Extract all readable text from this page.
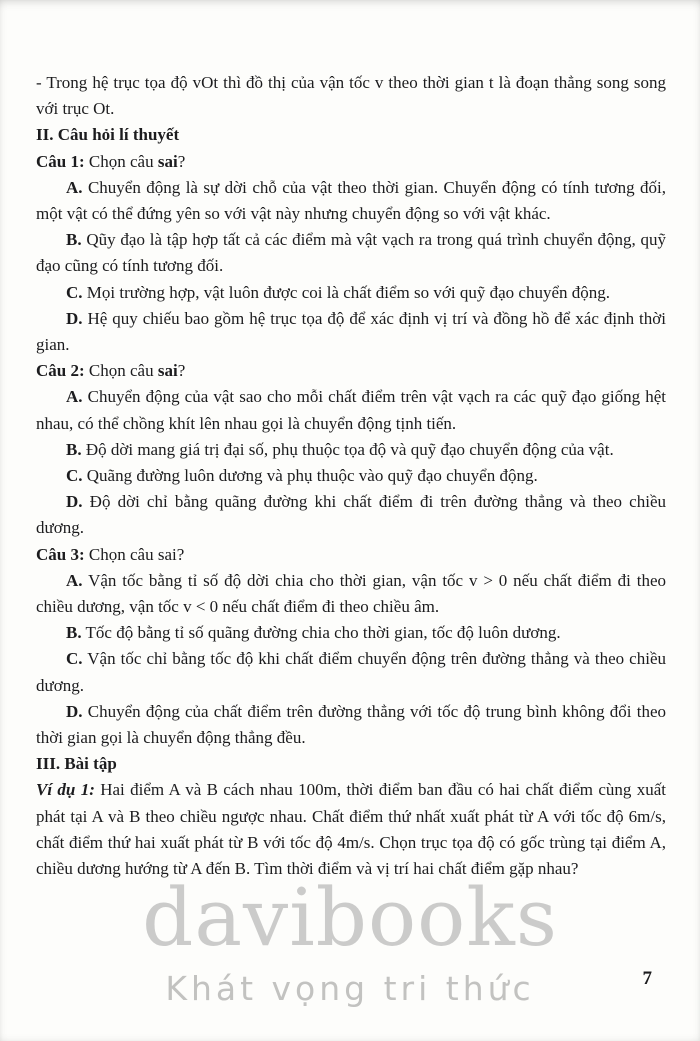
davibooks
Khát vọng tri thức

- Trong hệ trục tọa độ vOt thì đồ thị của vận tốc v theo thời gian t là đoạn thẳng song song với trục Ot.

II. Câu hỏi lí thuyết

Câu 1: Chọn câu sai?

A. Chuyển động là sự dời chỗ của vật theo thời gian. Chuyển động có tính tương đối, một vật có thể đứng yên so với vật này nhưng chuyển động so với vật khác.

B. Qũy đạo là tập hợp tất cả các điểm mà vật vạch ra trong quá trình chuyển động, quỹ đạo cũng có tính tương đối.

C. Mọi trường hợp, vật luôn được coi là chất điểm so với quỹ đạo chuyển động.

D. Hệ quy chiếu bao gồm hệ trục tọa độ để xác định vị trí và đồng hồ để xác định thời gian.

Câu 2: Chọn câu sai?

A. Chuyển động của vật sao cho mỗi chất điểm trên vật vạch ra các quỹ đạo giống hệt nhau, có thể chồng khít lên nhau gọi là chuyển động tịnh tiến.

B. Độ dời mang giá trị đại số, phụ thuộc tọa độ và quỹ đạo chuyển động của vật.

C. Quãng đường luôn dương và phụ thuộc vào quỹ đạo chuyển động.

D. Độ dời chỉ bằng quãng đường khi chất điểm đi trên đường thẳng và theo chiều dương.

Câu 3: Chọn câu sai?

A. Vận tốc bằng tỉ số độ dời chia cho thời gian, vận tốc v > 0 nếu chất điểm đi theo chiều dương, vận tốc v < 0 nếu chất điểm đi theo chiều âm.

B. Tốc độ bằng tỉ số quãng đường chia cho thời gian, tốc độ luôn dương.

C. Vận tốc chỉ bằng tốc độ khi chất điểm chuyển động trên đường thẳng và theo chiều dương.

D. Chuyển động của chất điểm trên đường thẳng với tốc độ trung bình không đổi theo thời gian gọi là chuyển động thẳng đều.

III. Bài tập

Ví dụ 1: Hai điểm A và B cách nhau 100m, thời điểm ban đầu có hai chất điểm cùng xuất phát tại A và B theo chiều ngược nhau. Chất điểm thứ nhất xuất phát từ A với tốc độ 6m/s, chất điểm thứ hai xuất phát từ B với tốc độ 4m/s. Chọn trục tọa độ có gốc trùng tại điểm A, chiều dương hướng từ A đến B. Tìm thời điểm và vị trí hai chất điểm gặp nhau?

7
